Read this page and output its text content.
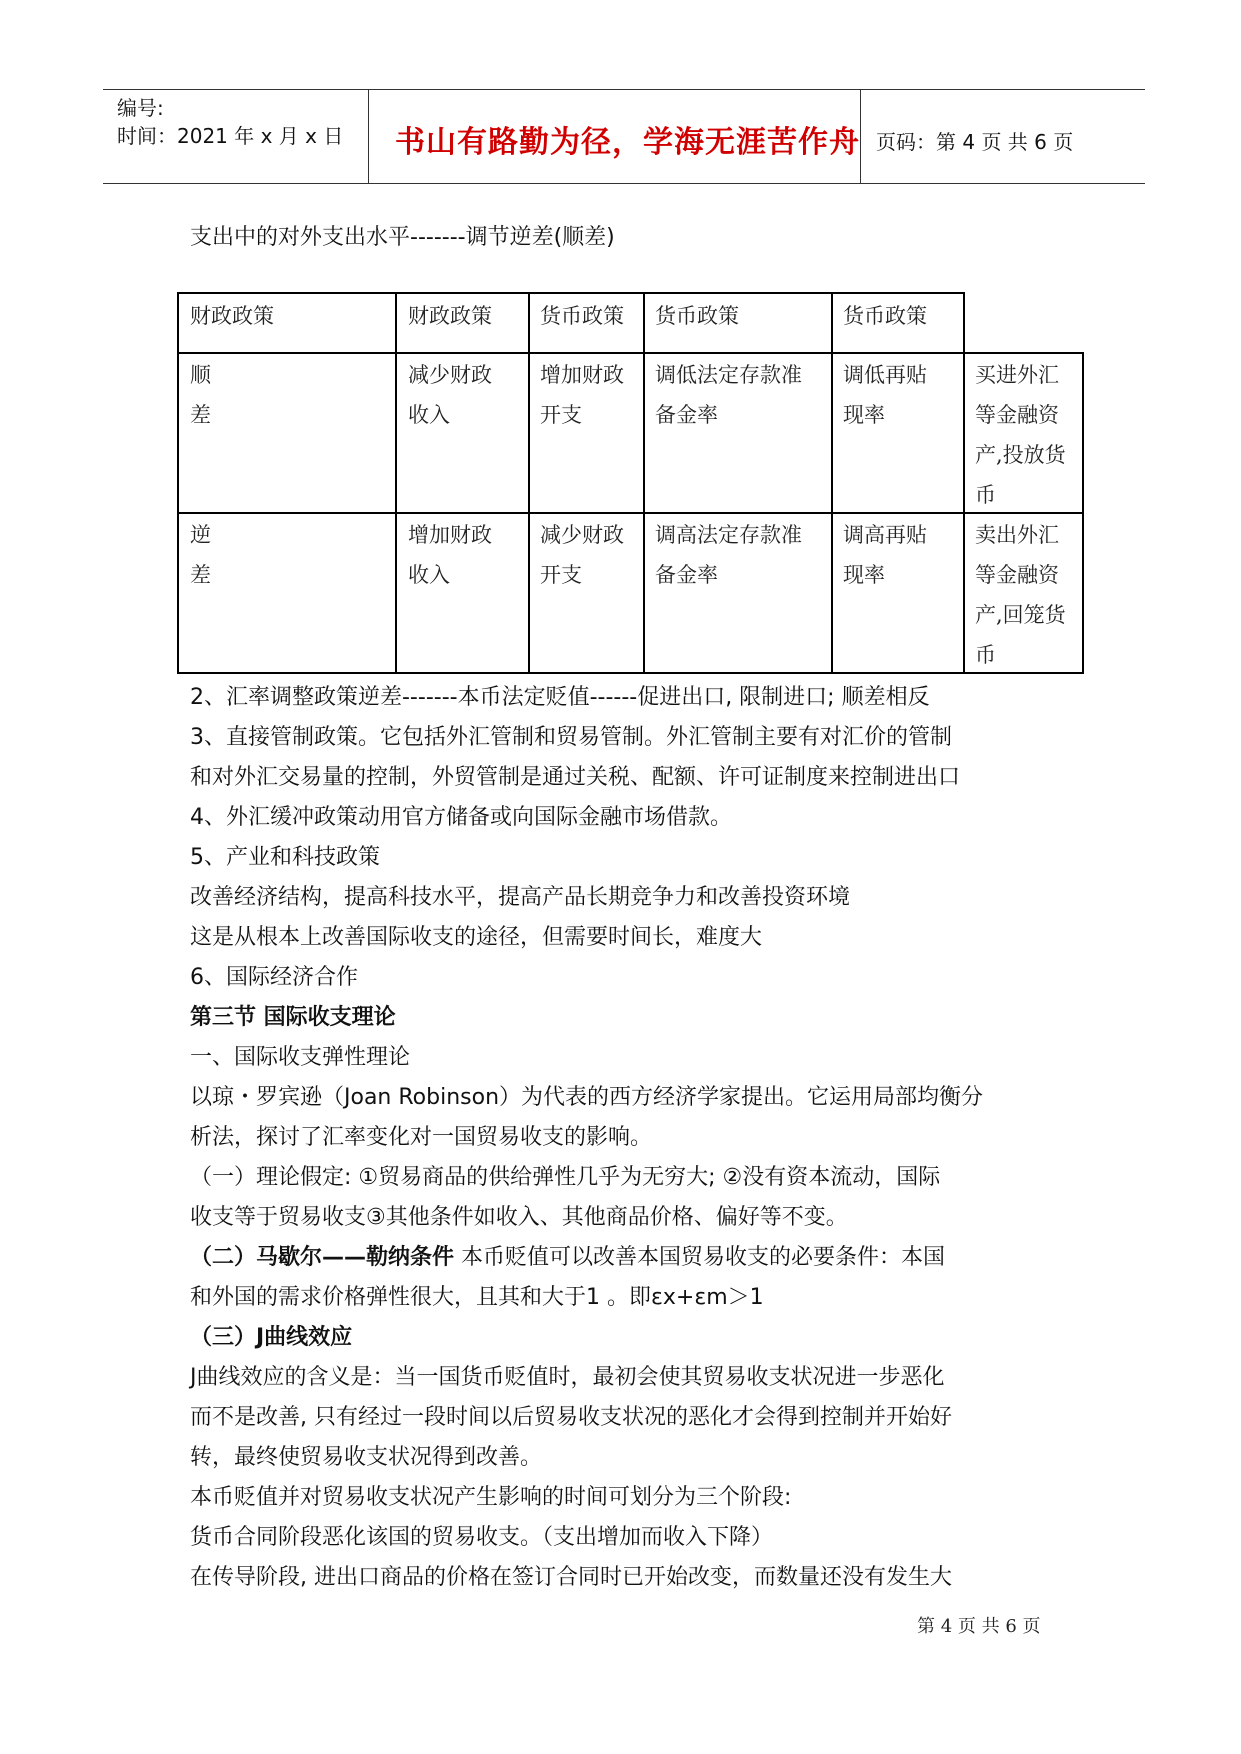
编号:
时间：2021 年 x 月 x 日 书山有路勤为径，学海无涯苦作舟 页码：第 4 页 共 6 页
支出中的对外支出水平-------调节逆差(顺差)
财政政策	财政政策 货币政策 货币政策	货币政策
顺
差
减少财政
收入
增加财政
开支
调低法定存款准
备金率
调低再贴
现率
买进外汇
等金融资
产,投放货
币
逆
差
增加财政
收入
减少财政
开支
调高法定存款准
备金率
调高再贴
现率
卖出外汇
等金融资
产,回笼货
币
2、汇率调整政策逆差-------本币法定贬值------促进出口, 限制进口; 顺差相反
3、直接管制政策。它包括外汇管制和贸易管制。外汇管制主要有对汇价的管制
和对外汇交易量的控制，外贸管制是通过关税、配额、许可证制度来控制进出口
4、外汇缓冲政策动用官方储备或向国际金融市场借款。
5、产业和科技政策
改善经济结构，提高科技水平，提高产品长期竞争力和改善投资环境
这是从根本上改善国际收支的途径，但需要时间长，难度大
6、国际经济合作
第三节 国际收支理论
一、国际收支弹性理论
以琼・罗宾逊（Joan Robinson）为代表的西方经济学家提出。它运用局部均衡分
析法，探讨了汇率变化对一国贸易收支的影响。
（一）理论假定: ①贸易商品的供给弹性几乎为无穷大; ②没有资本流动，国际
收支等于贸易收支③其他条件如收入、其他商品价格、偏好等不变。
（二）马歇尔——勒纳条件 本币贬值可以改善本国贸易收支的必要条件：本国
和外国的需求价格弹性很大，且其和大于1 。即εx+εm＞1
（三）J曲线效应
J曲线效应的含义是：当一国货币贬值时，最初会使其贸易收支状况进一步恶化
而不是改善, 只有经过一段时间以后贸易收支状况的恶化才会得到控制并开始好
转，最终使贸易收支状况得到改善。
本币贬值并对贸易收支状况产生影响的时间可划分为三个阶段:
货币合同阶段恶化该国的贸易收支。（支出增加而收入下降）
在传导阶段, 进出口商品的价格在签订合同时已开始改变，而数量还没有发生大
第 4 页 共 6 页
